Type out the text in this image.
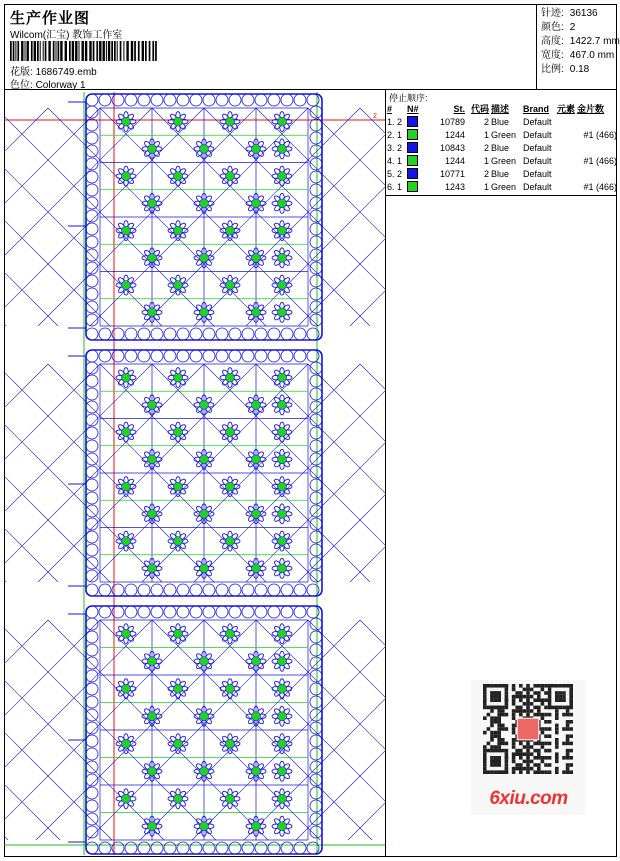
生产作业图
Wilcom(汇宝) 教饰工作室
花版: 1686749.emb
色位: Colorway 1
针迹: 36136
颜色: 2
高度: 1422.7 mm
宽度: 467.0 mm
比例: 0.18
2
停止顺序:
#	N#	St.	代码	描述	Brand	元素	金片数
1. 2		10789	2	Blue	Default		
2. 1		1244	1	Green	Default		#1 (466)
3. 2		10843	2	Blue	Default		
4. 1		1244	1	Green	Default		#1 (466)
5. 2		10771	2	Blue	Default		
6. 1		1243	1	Green	Default		#1 (466)
6xiu.com
